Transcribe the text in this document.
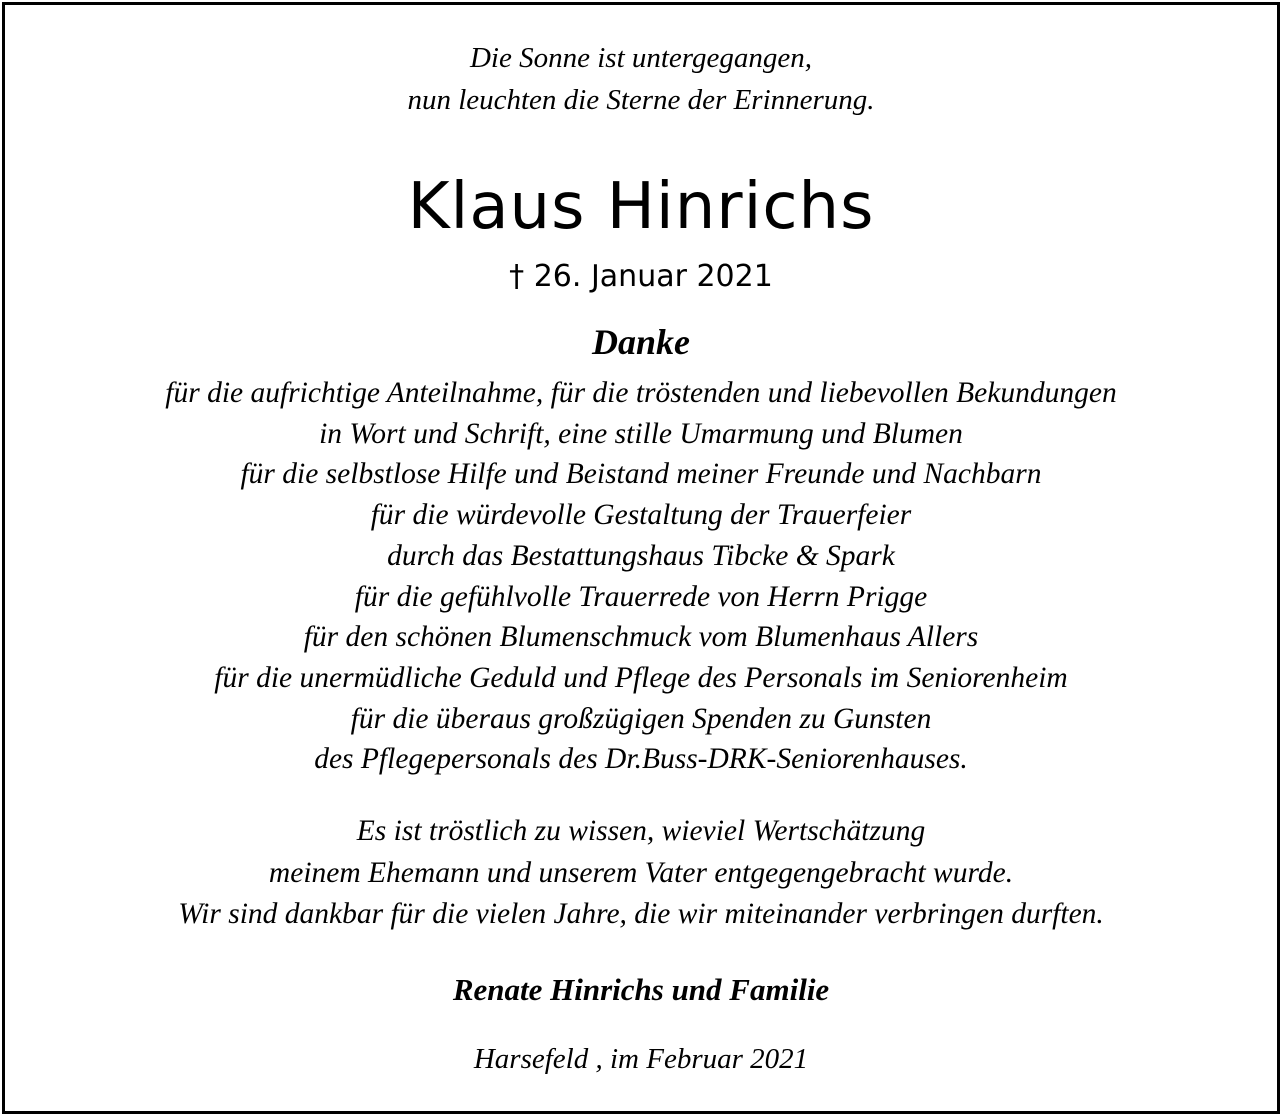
Die Sonne ist untergegangen,
nun leuchten die Sterne der Erinnerung.
Klaus Hinrichs
† 26. Januar 2021
Danke
für die aufrichtige Anteilnahme, für die tröstenden und liebevollen Bekundungen
in Wort und Schrift, eine stille Umarmung und Blumen
für die selbstlose Hilfe und Beistand meiner Freunde und Nachbarn
für die würdevolle Gestaltung der Trauerfeier
durch das Bestattungshaus Tibcke & Spark
für die gefühlvolle Trauerrede von Herrn Prigge
für den schönen Blumenschmuck vom Blumenhaus Allers
für die unermüdliche Geduld und Pflege des Personals im Seniorenheim
für die überaus großzügigen Spenden zu Gunsten
des Pflegepersonals des Dr.Buss-DRK-Seniorenhauses.
Es ist tröstlich zu wissen, wieviel Wertschätzung
meinem Ehemann und unserem Vater entgegengebracht wurde.
Wir sind dankbar für die vielen Jahre, die wir miteinander verbringen durften.
Renate Hinrichs und Familie
Harsefeld , im Februar 2021
